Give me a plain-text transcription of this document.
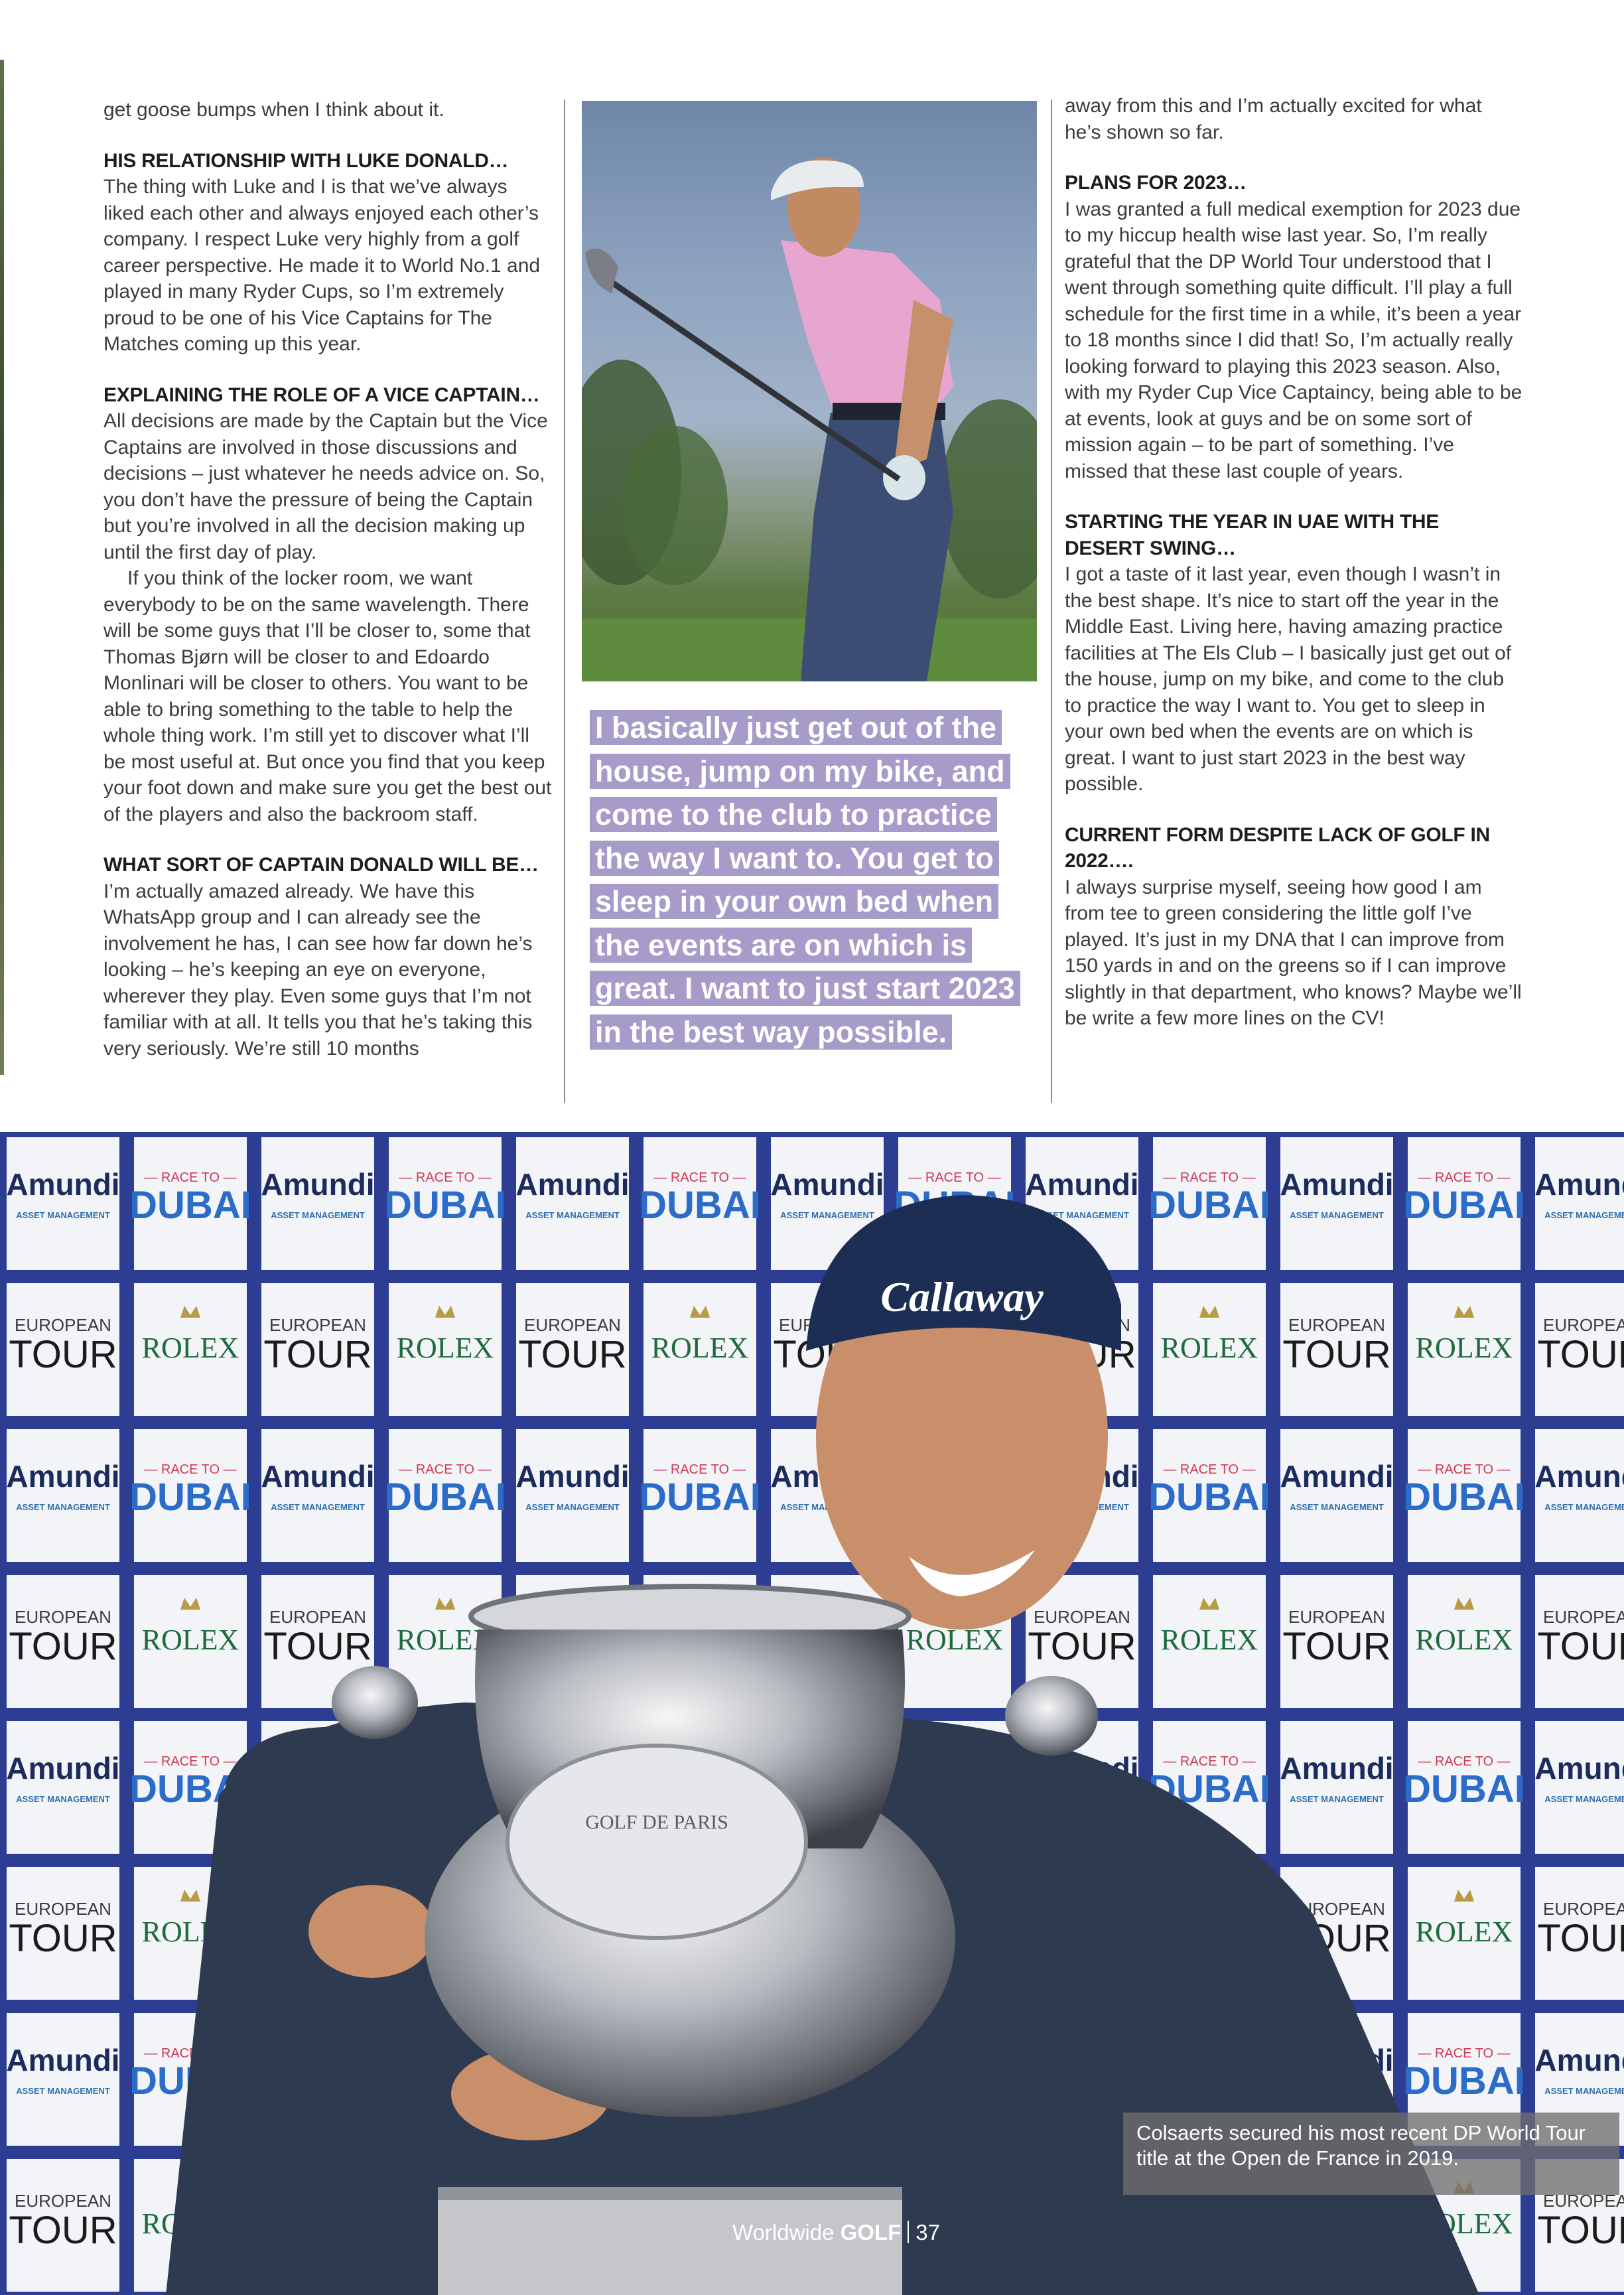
get goose bumps when I think about it.

HIS RELATIONSHIP WITH LUKE DONALD…

The thing with Luke and I is that we’ve always liked each other and always enjoyed each other’s company. I respect Luke very highly from a golf career perspective. He made it to World No.1 and played in many Ryder Cups, so I’m extremely proud to be one of his Vice Captains for The Matches coming up this year.

EXPLAINING THE ROLE OF A VICE CAPTAIN…

All decisions are made by the Captain but the Vice Captains are involved in those discussions and decisions – just whatever he needs advice on. So, you don’t have the pressure of being the Captain but you’re involved in all the decision making up until the first day of play.

If you think of the locker room, we want everybody to be on the same wavelength. There will be some guys that I’ll be closer to, some that Thomas Bjørn will be closer to and Edoardo Monlinari will be closer to others. You want to be able to bring something to the table to help the whole thing work. I’m still yet to discover what I’ll be most useful at. But once you find that you keep your foot down and make sure you get the best out of the players and also the backroom staff.

WHAT SORT OF CAPTAIN DONALD WILL BE…

I’m actually amazed already. We have this WhatsApp group and I can already see the involvement he has, I can see how far down he’s looking – he’s keeping an eye on everyone, wherever they play. Even some guys that I’m not familiar with at all. It tells you that he’s taking this very seriously. We’re still 10 months

I basically just get out of the house, jump on my bike, and come to the club to practice the way I want to. You get to sleep in your own bed when the events are on which is great. I want to just start 2023 in the best way possible.

away from this and I’m actually excited for what he’s shown so far.

PLANS FOR 2023…

I was granted a full medical exemption for 2023 due to my hiccup health wise last year. So, I’m really grateful that the DP World Tour understood that I went through something quite difficult. I’ll play a full schedule for the first time in a while, it’s been a year to 18 months since I did that! So, I’m actually really looking forward to playing this 2023 season. Also, with my Ryder Cup Vice Captaincy, being able to be at events, look at guys and be on some sort of mission again – to be part of something. I’ve missed that these last couple of years.

STARTING THE YEAR IN UAE WITH THE DESERT SWING…

I got a taste of it last year, even though I wasn’t in the best shape. It’s nice to start off the year in the Middle East. Living here, having amazing practice facilities at The Els Club – I basically just get out of the house, jump on my bike, and come to the club to practice the way I want to. You get to sleep in your own bed when the events are on which is great. I want to just start 2023 in the best way possible.

CURRENT FORM DESPITE LACK OF GOLF IN 2022….

I always surprise myself, seeing how good I am from tee to green considering the little golf I’ve played. It’s just in my DNA that I can improve from 150 yards in and on the greens so if I can improve slightly in that department, who knows? Maybe we’ll be write a few more lines on the CV!

Callaway
GOLF DE PARIS
Colsaerts secured his most recent DP World Tour title at the Open de France in 2019.
Worldwide GOLF 37
